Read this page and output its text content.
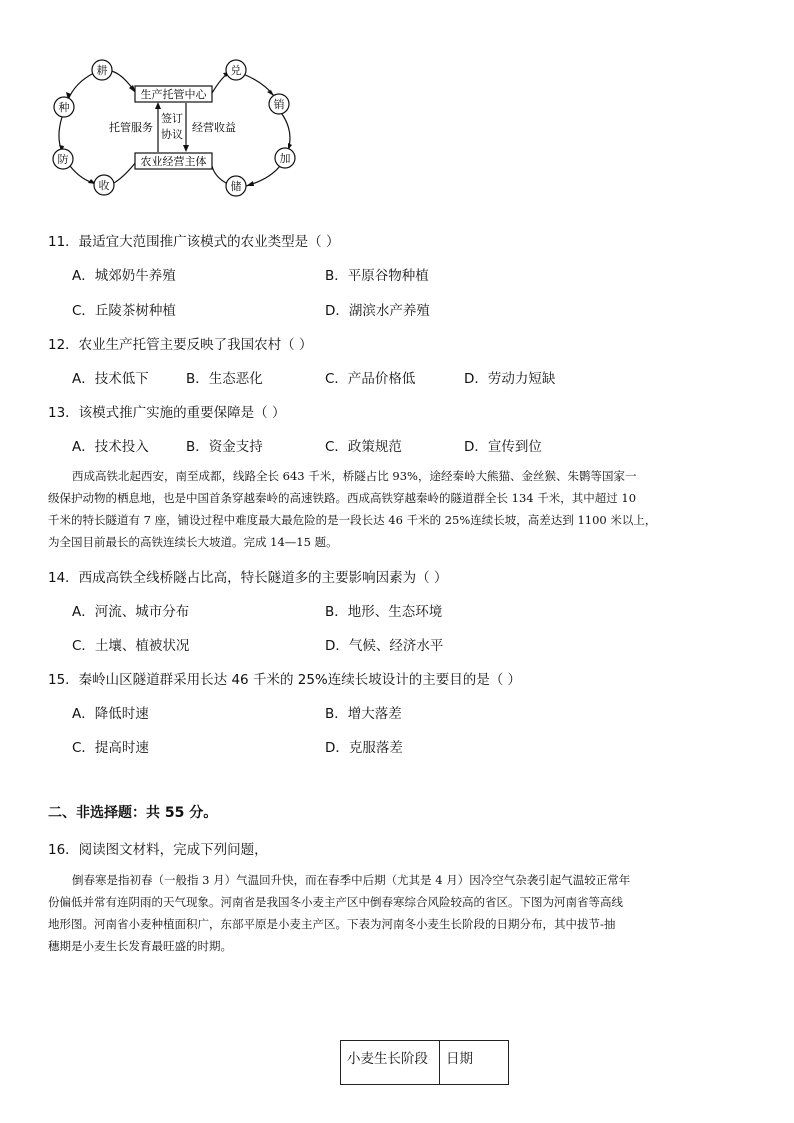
耕
种
防
收	储
加
销
兑
生产托管中心
农业经营主体
托管服务
签订
协议
经营收益
11．最适宜大范围推广该模式的农业类型是（ ）
A．城郊奶牛养殖	B．平原谷物种植
C．丘陵茶树种植	D．湖滨水产养殖
12．农业生产托管主要反映了我国农村（ ）
A．技术低下	B．生态恶化	C．产品价格低	D．劳动力短缺
13．该模式推广实施的重要保障是（ ）
A．技术投入	B．资金支持	C．政策规范	D．宣传到位
西成高铁北起西安，南至成都，线路全长 643 千米，桥隧占比 93%，途经秦岭大熊猫、金丝猴、朱鹮等国家一
级保护动物的栖息地，也是中国首条穿越秦岭的高速铁路。西成高铁穿越秦岭的隧道群全长 134 千米，其中超过 10
千米的特长隧道有 7 座，铺设过程中难度最大最危险的是一段长达 46 千米的 25%连续长坡，高差达到 1100 米以上，
为全国目前最长的高铁连续长大坡道。完成 14—15 题。
14．西成高铁全线桥隧占比高，特长隧道多的主要影响因素为（ ）
A．河流、城市分布	B．地形、生态环境
C．土壤、植被状况	D．气候、经济水平
15．秦岭山区隧道群采用长达 46 千米的 25%连续长坡设计的主要目的是（ ）
A．降低时速	B．增大落差
C．提高时速	D．克服落差
二、非选择题：共 55 分。
16．阅读图文材料，完成下列问题，
倒春寒是指初春（一般指 3 月）气温回升快，而在春季中后期（尤其是 4 月）因冷空气杂袭引起气温较正常年
份偏低并常有连阴雨的天气现象。河南省是我国冬小麦主产区中倒春寒综合风险较高的省区。下图为河南省等高线
地形图。河南省小麦种植面积广，东部平原是小麦主产区。下表为河南冬小麦生长阶段的日期分布，其中拔节-抽
穗期是小麦生长发育最旺盛的时期。
小麦生长阶段	日期
